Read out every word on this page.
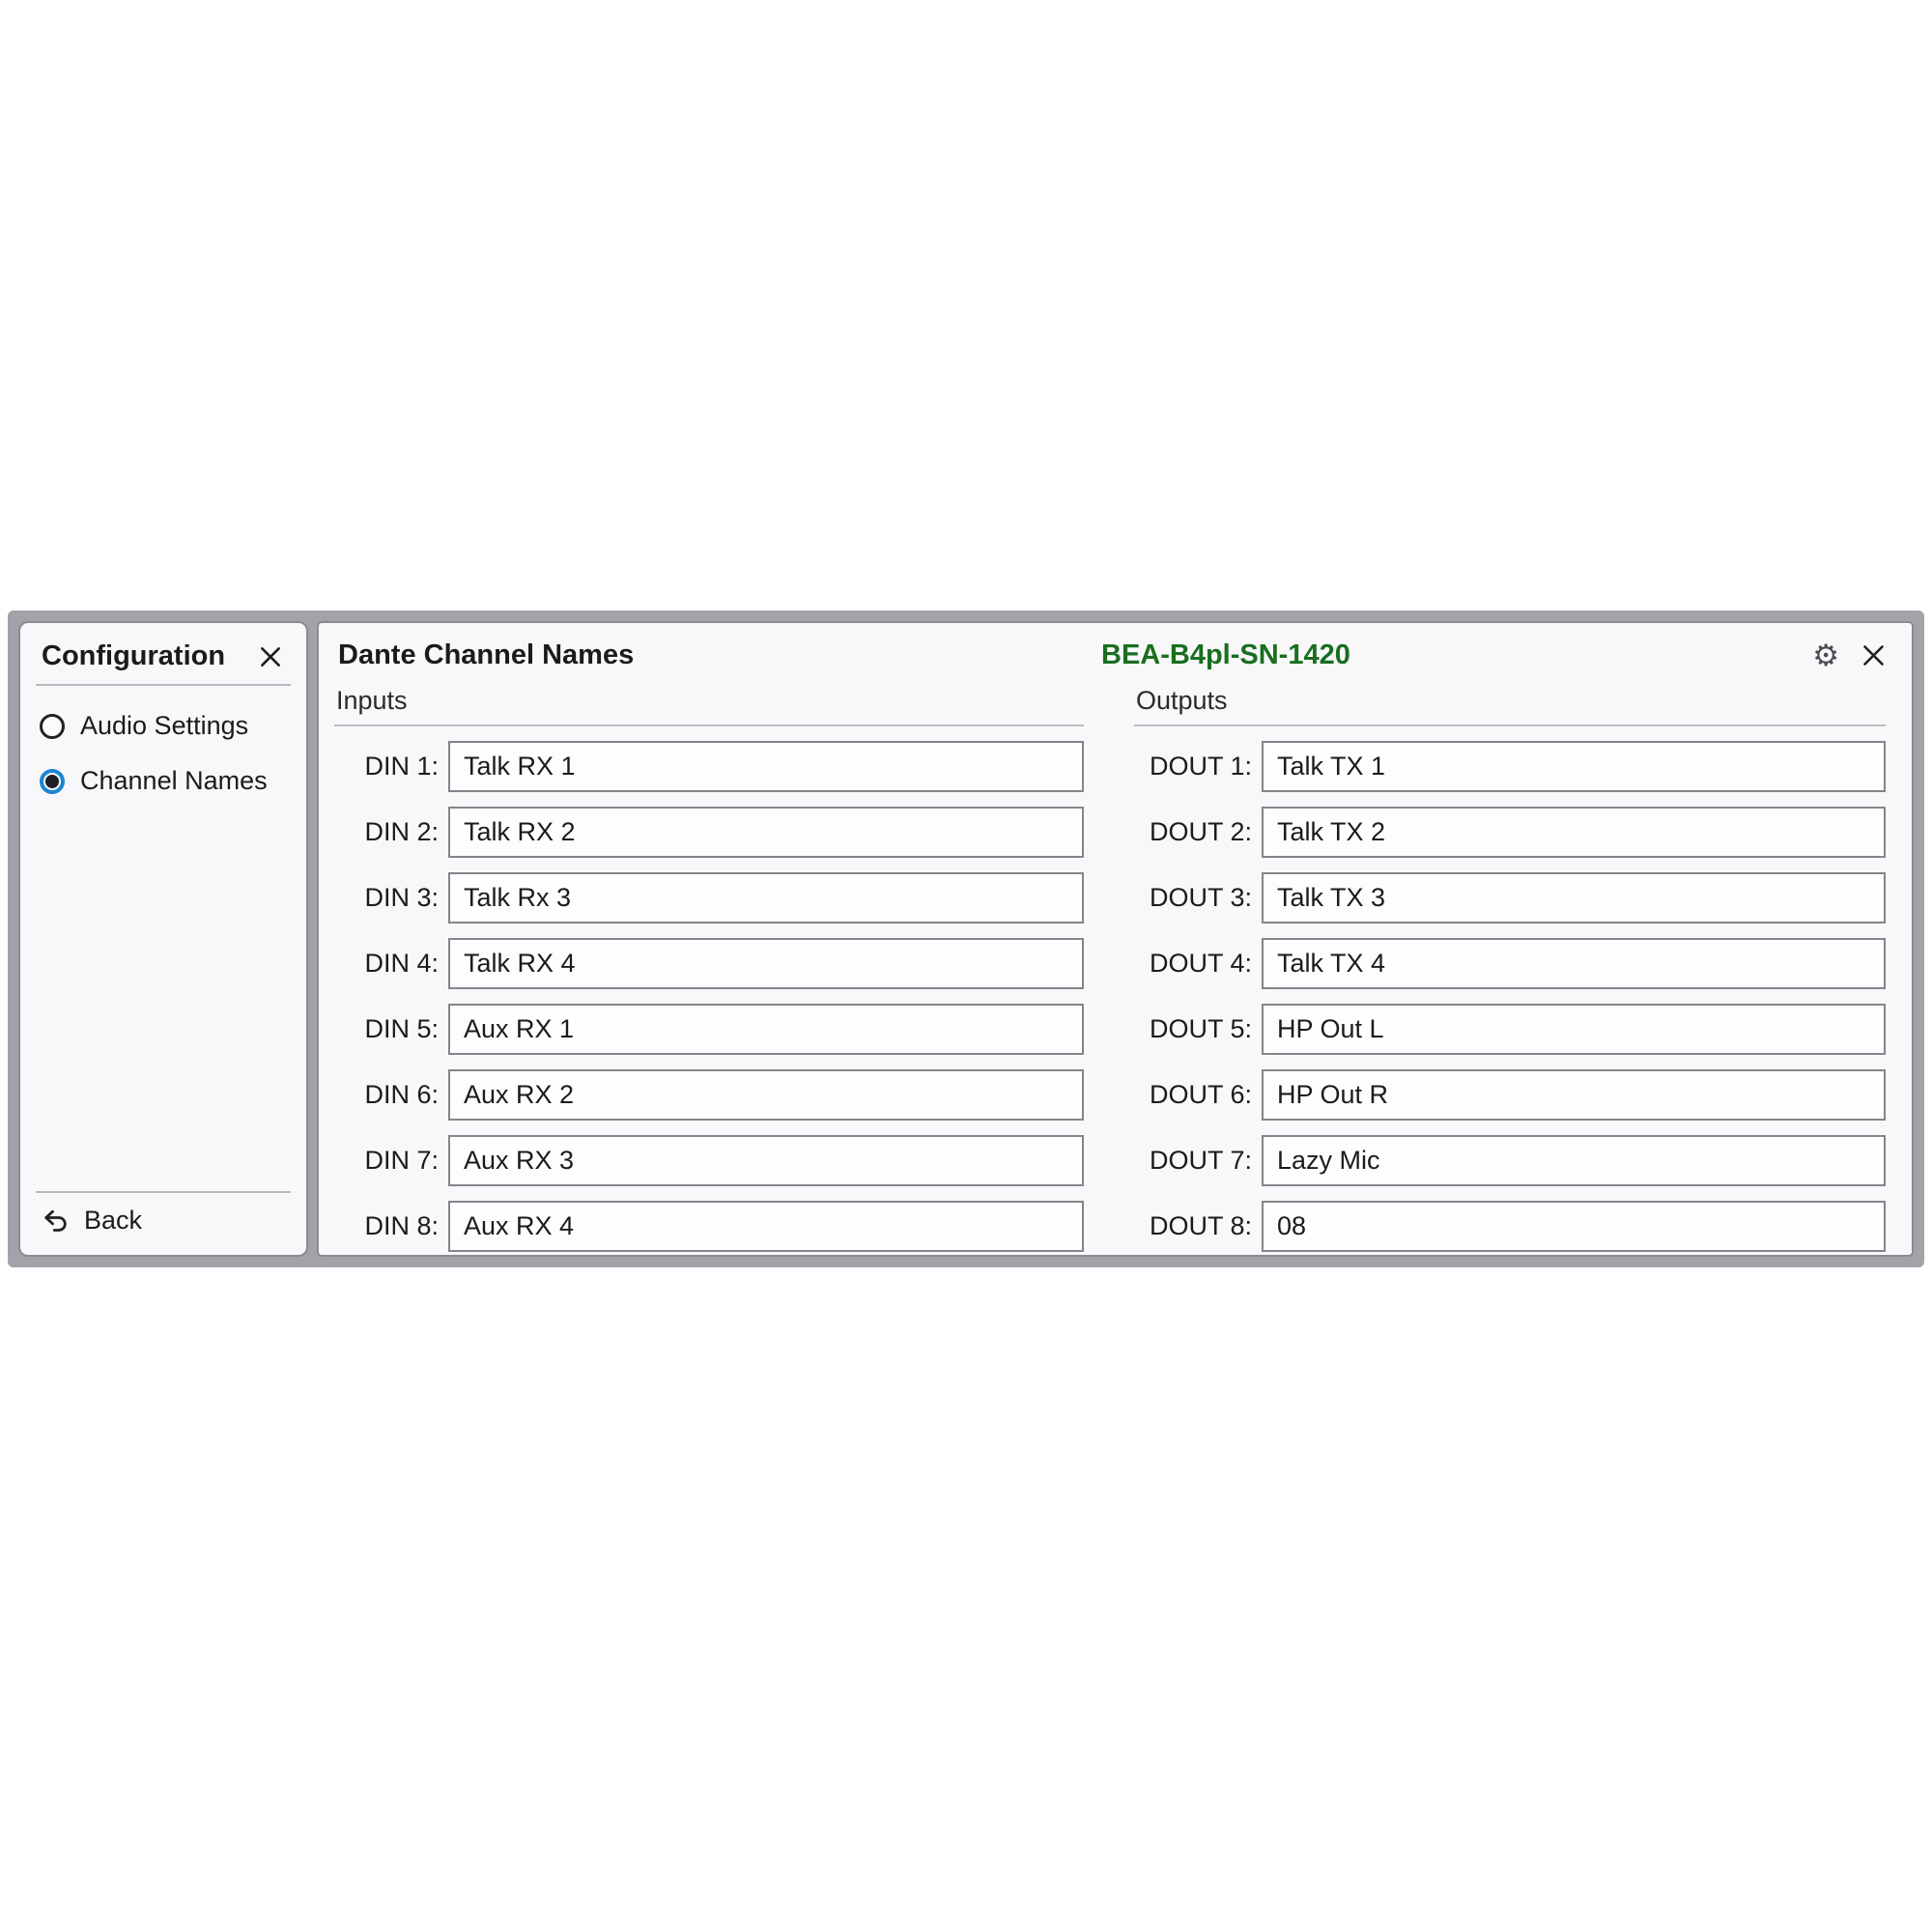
Configuration
Audio Settings
Channel Names
Back
Dante Channel Names	BEA-B4pl-SN-1420	⚙
Inputs
DIN 1:
Talk RX 1
DIN 2:
Talk RX 2
DIN 3:
Talk Rx 3
DIN 4:
Talk RX 4
DIN 5:
Aux RX 1
DIN 6:
Aux RX 2
DIN 7:
Aux RX 3
DIN 8:
Aux RX 4
Outputs
DOUT 1:
Talk TX 1
DOUT 2:
Talk TX 2
DOUT 3:
Talk TX 3
DOUT 4:
Talk TX 4
DOUT 5:
HP Out L
DOUT 6:
HP Out R
DOUT 7:
Lazy Mic
DOUT 8:
08
